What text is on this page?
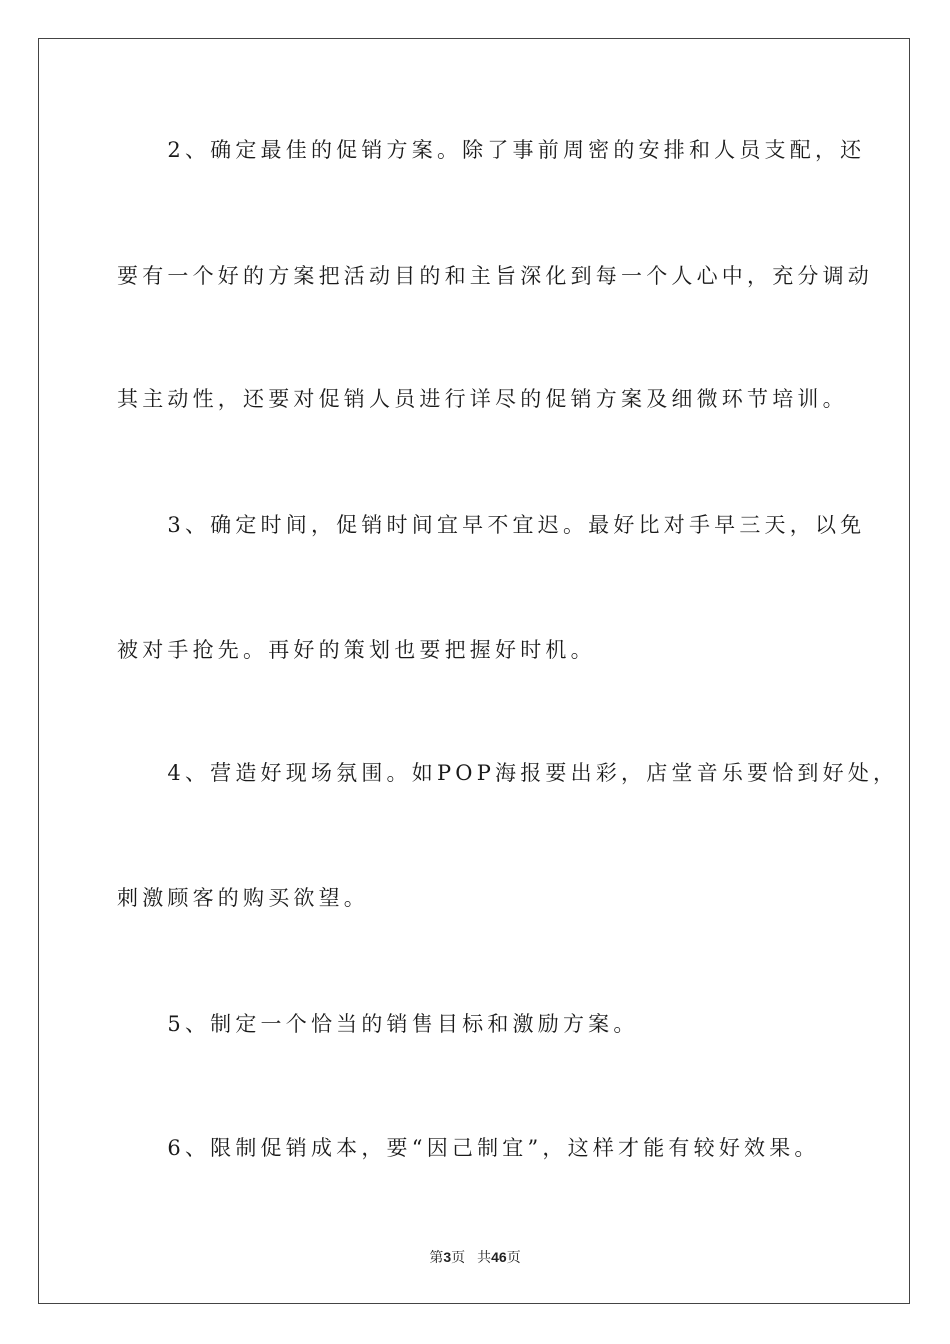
　　2、确定最佳的促销方案。除了事前周密的安排和人员支配，还
要有一个好的方案把活动目的和主旨深化到每一个人心中，充分调动
其主动性，还要对促销人员进行详尽的促销方案及细微环节培训。
　　3、确定时间，促销时间宜早不宜迟。最好比对手早三天，以免
被对手抢先。再好的策划也要把握好时机。
　　4、营造好现场氛围。如POP海报要出彩，店堂音乐要恰到好处，
刺激顾客的购买欲望。
　　5、制定一个恰当的销售目标和激励方案。
　　6、限制促销成本，要“因己制宜”，这样才能有较好效果。
第3页 共46页
